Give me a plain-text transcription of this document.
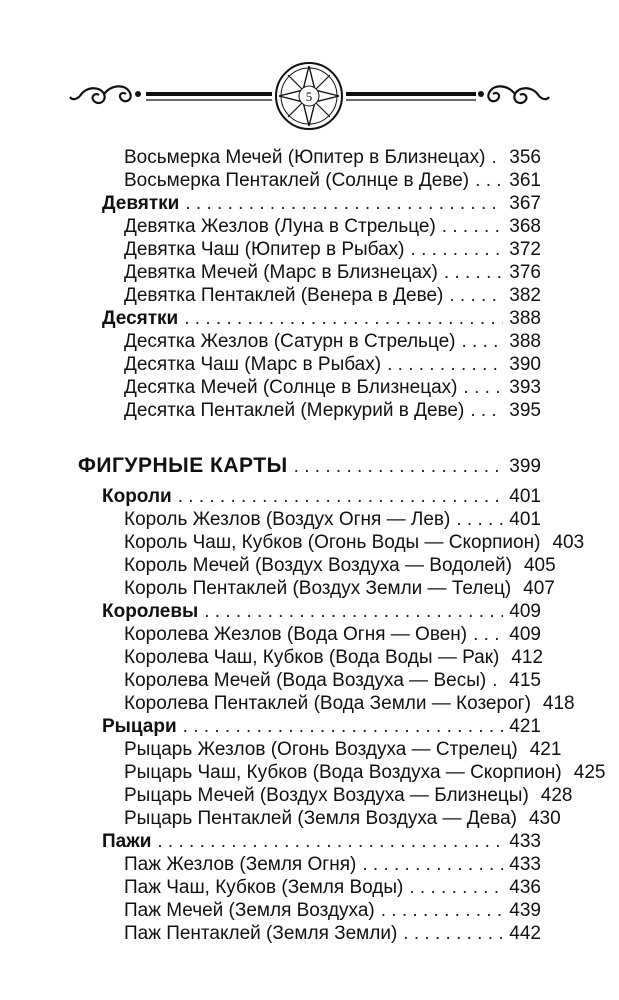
5
Восьмерка Мечей (Юпитер в Близнецах) . . . 356
Восьмерка Пентаклей (Солнце в Деве) . . . 361
Девятки . . .	367
Девятка Жезлов (Луна в Стрельце) . . .	368
Девятка Чаш (Юпитер в Рыбах) . . .	372
Девятка Мечей (Марс в Близнецах) . . .	376
Девятка Пентаклей (Венера в Деве) . . .	382
Десятки . . .	388
Десятка Жезлов (Сатурн в Стрельце) . . .	388
Десятка Чаш (Марс в Рыбах) . . .	390
Десятка Мечей (Солнце в Близнецах) . . .	393
Десятка Пентаклей (Меркурий в Деве) . . . 395
ФИГУРНЫЕ КАРТЫ . . .	399
Короли . . .	401
Король Жезлов (Воздух Огня — Лев) . . .	401
Король Чаш, Кубков (Огонь Воды — Скорпион) 403
Король Мечей (Воздух Воздуха — Водолей) 405
Король Пентаклей (Воздух Земли — Телец) 407
Королевы . . .	409
Королева Жезлов (Вода Огня — Овен) . . . 409
Королева Чаш, Кубков (Вода Воды — Рак) 412
Королева Мечей (Вода Воздуха — Весы) . . . 415
Королева Пентаклей (Вода Земли — Козерог) 418
Рыцари . . .	421
Рыцарь Жезлов (Огонь Воздуха — Стрелец) 421
Рыцарь Чаш, Кубков (Вода Воздуха — Скорпион) 425
Рыцарь Мечей (Воздух Воздуха — Близнецы) 428
Рыцарь Пентаклей (Земля Воздуха — Дева) 430
Пажи . . .	433
Паж Жезлов (Земля Огня) . . .	433
Паж Чаш, Кубков (Земля Воды) . . .	436
Паж Мечей (Земля Воздуха) . . .	439
Паж Пентаклей (Земля Земли) . . .	442
